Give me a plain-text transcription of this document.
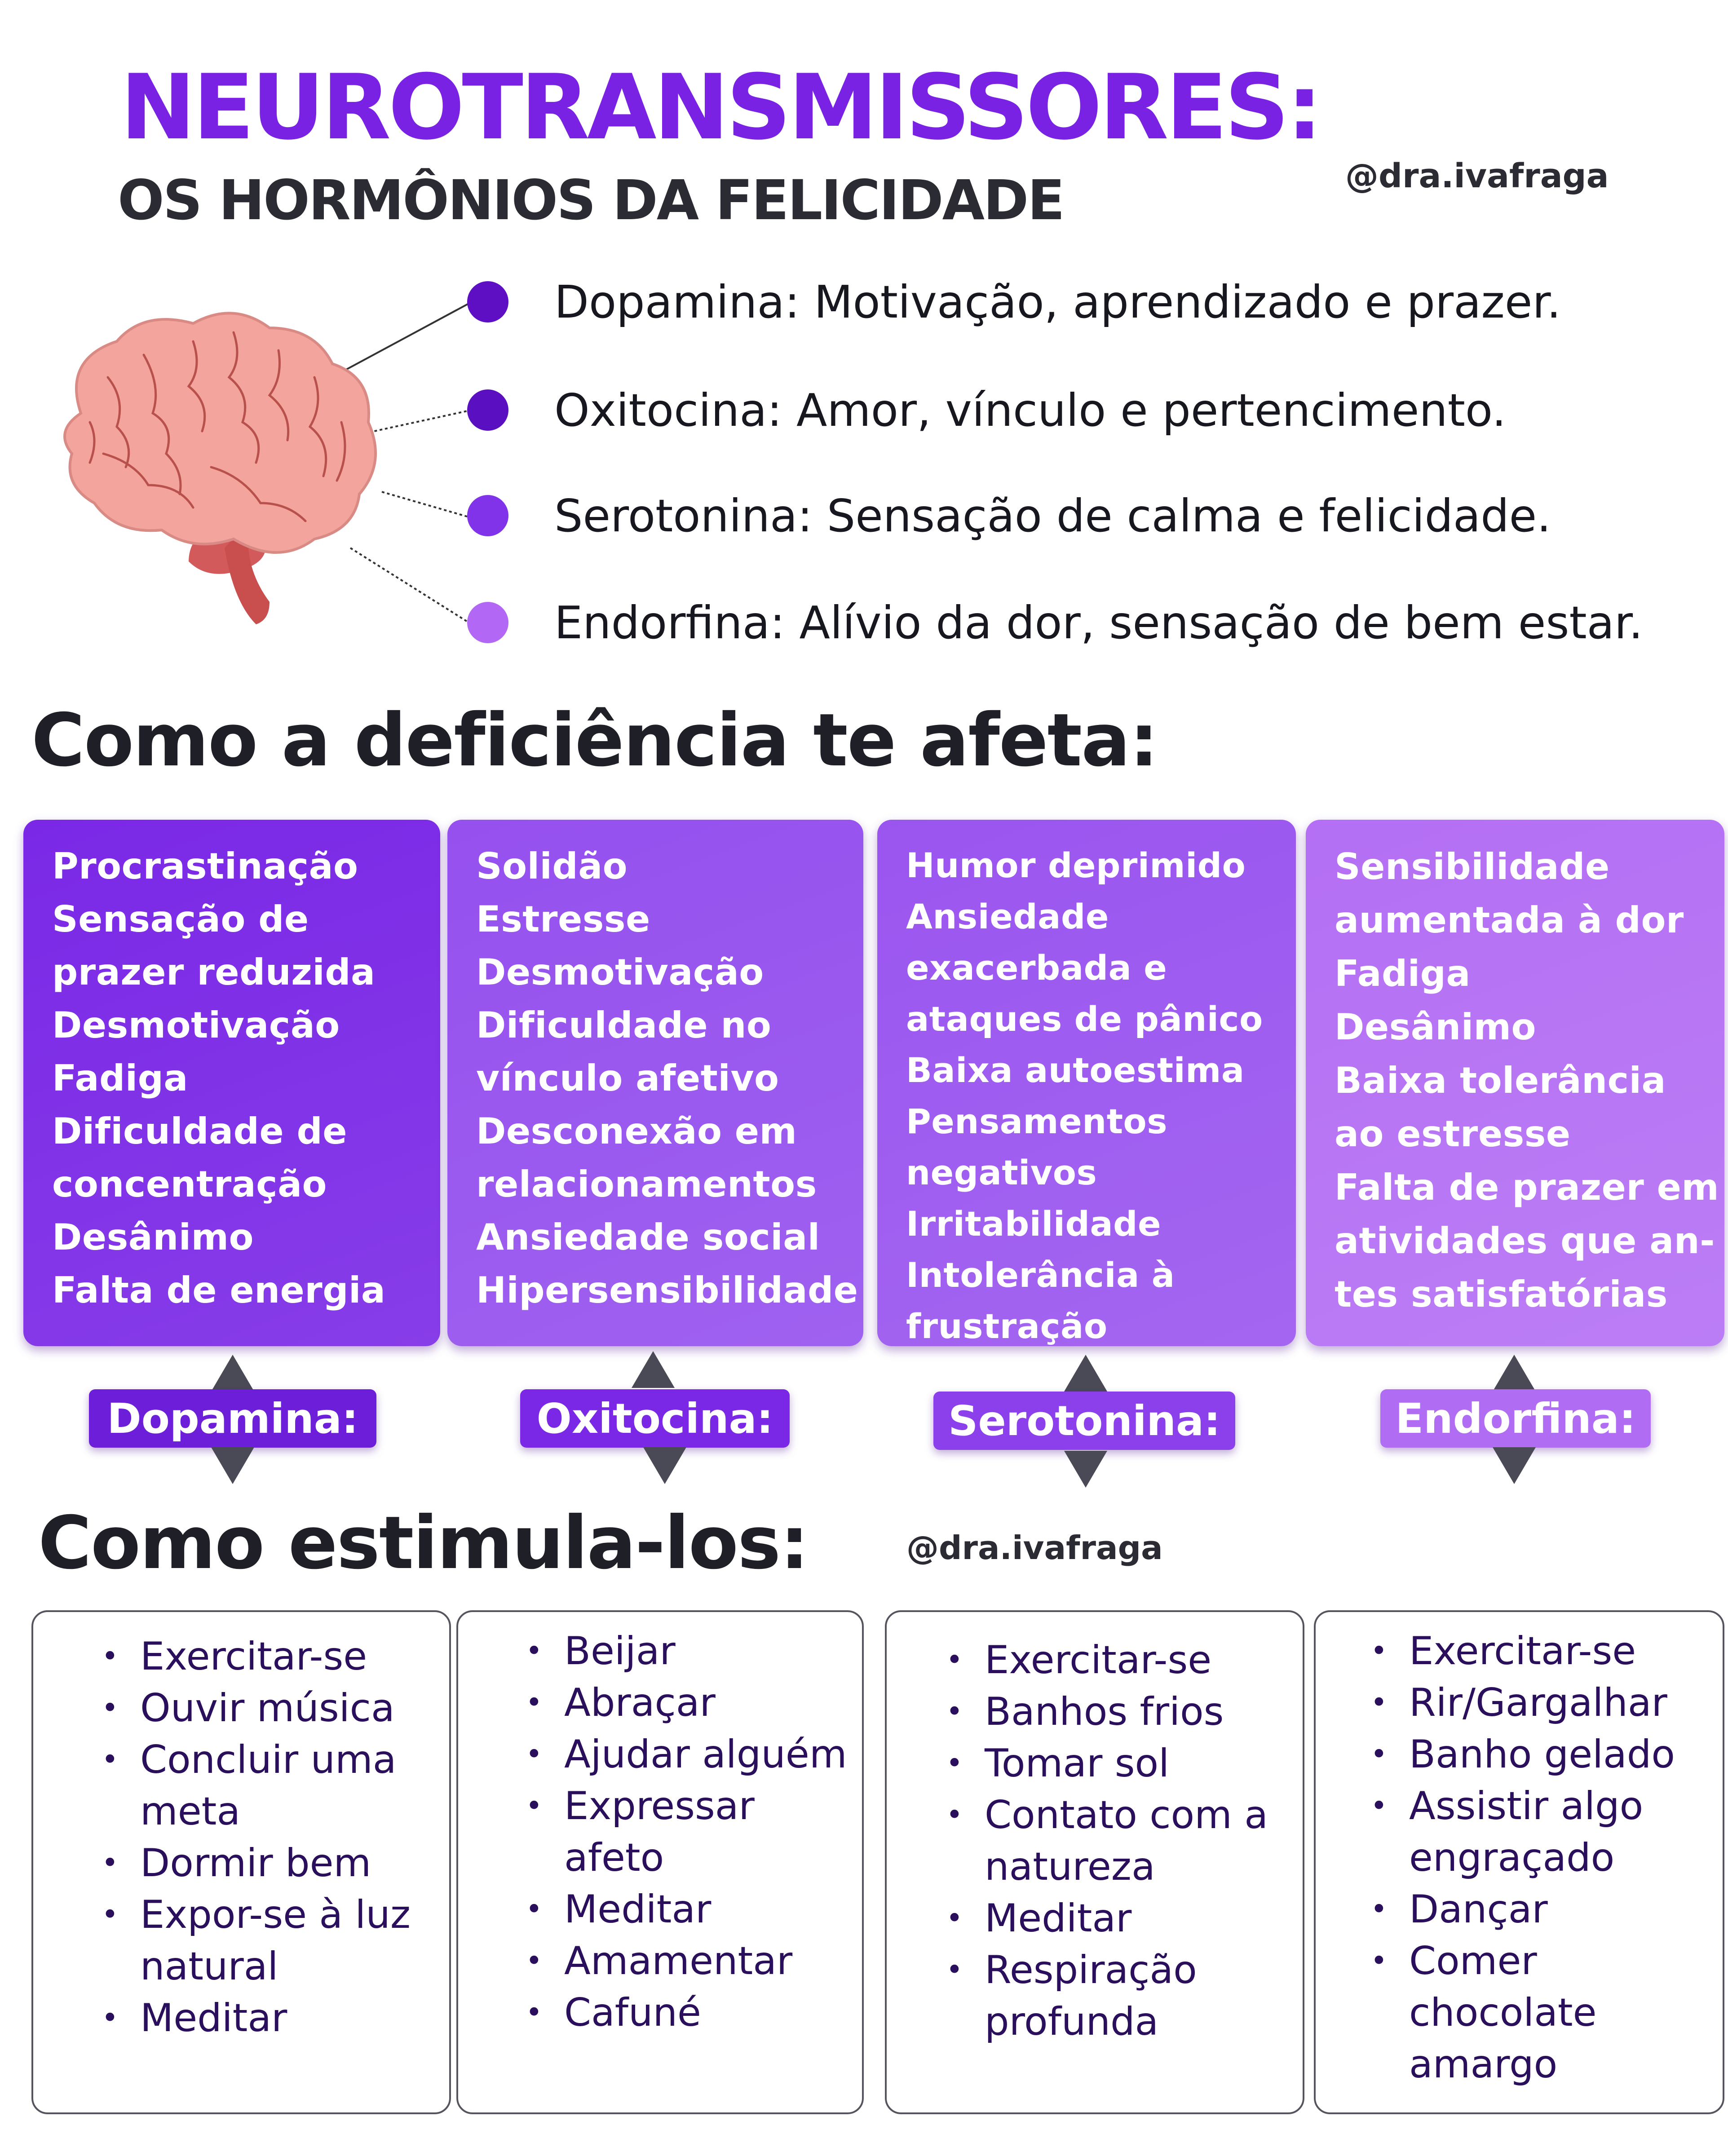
NEUROTRANSMISSORES:
OS HORMÔNIOS DA FELICIDADE	@dra.ivafraga
Dopamina: Motivação, aprendizado e prazer.
Oxitocina: Amor, vínculo e pertencimento.
Serotonina: Sensação de calma e felicidade.
Endorfina: Alívio da dor, sensação de bem estar.
Como a deficiência te afeta:
Procrastinação
Sensação de
prazer reduzida
Desmotivação
Fadiga
Dificuldade de
concentração
Desânimo
Falta de energia
Solidão
Estresse
Desmotivação
Dificuldade no
vínculo afetivo
Desconexão em
relacionamentos
Ansiedade social
Hipersensibilidade
Humor deprimido
Ansiedade
exacerbada e
ataques de pânico
Baixa autoestima
Pensamentos
negativos
Irritabilidade
Intolerância à
frustração
Sensibilidade
aumentada à dor
Fadiga
Desânimo
Baixa tolerância
ao estresse
Falta de prazer em
atividades que an-
tes satisfatórias
Dopamina:	Oxitocina:	Serotonina:	Endorfina:
Como estimula-los:	@dra.ivafraga
• Exercitar-se
• Ouvir música
• Concluir uma meta
• Dormir bem
• Expor-se à luz natural
• Meditar
• Beijar
• Abraçar
• Ajudar alguém
• Expressar afeto
• Meditar
• Amamentar
• Cafuné
• Exercitar-se
• Banhos frios
• Tomar sol
• Contato com a natureza
• Meditar
• Respiração profunda
• Exercitar-se
• Rir/Gargalhar
• Banho gelado
• Assistir algo engraçado
• Dançar
• Comer chocolate amargo
